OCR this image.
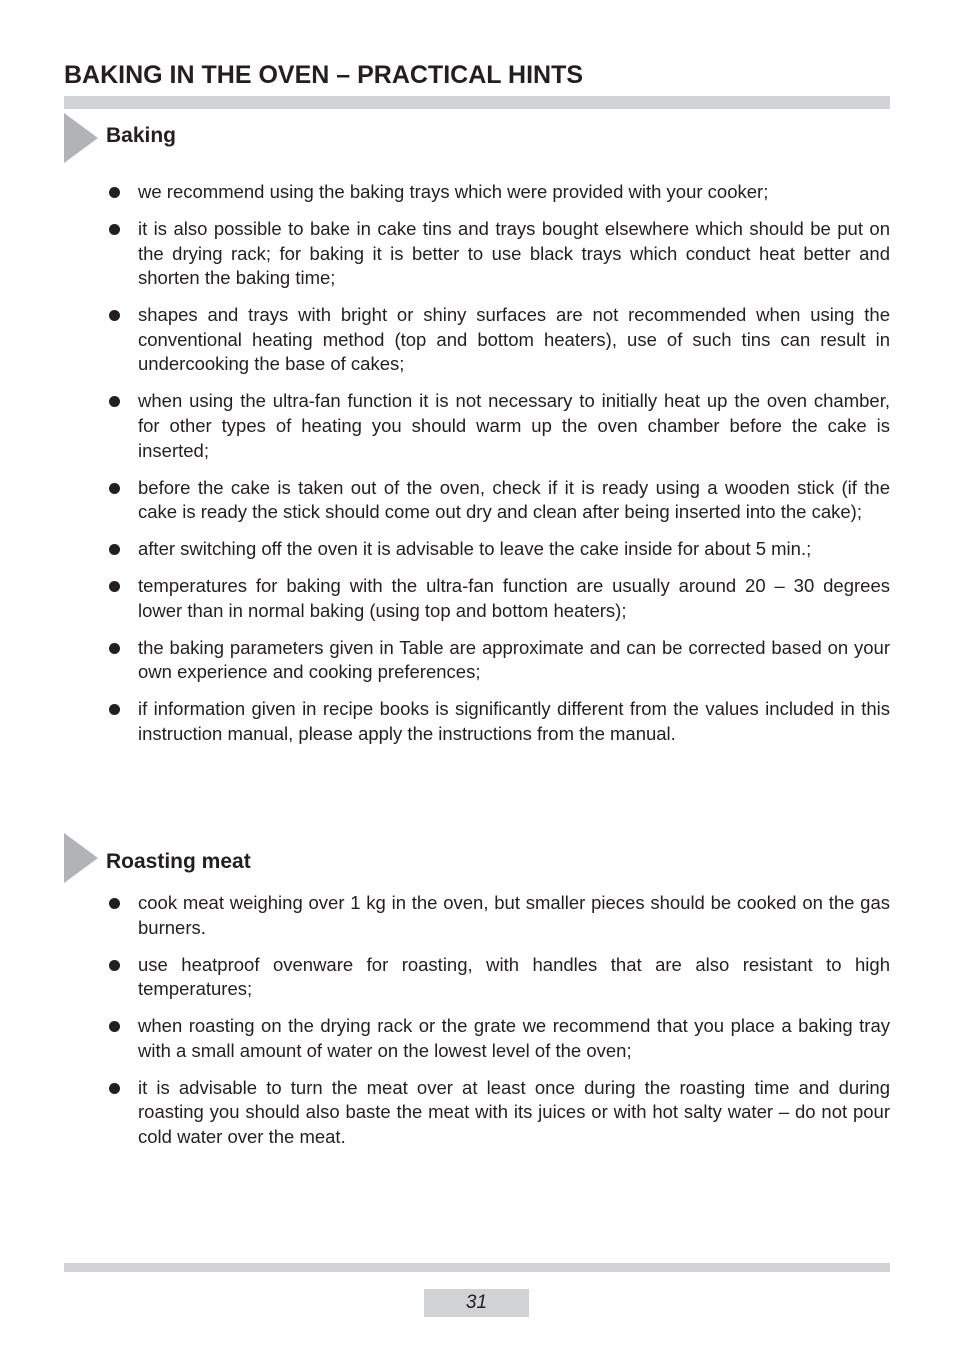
BAKING IN THE OVEN – PRACTICAL HINTS
Baking
we recommend using the baking trays which were provided with your cooker;
it is also possible to bake in cake tins and trays bought elsewhere which should be put on the drying rack; for baking it is better to use black trays which conduct heat better and shorten the baking time;
shapes and trays with bright or shiny surfaces are not recommended when using the conventional heating method (top and bottom heaters), use of such tins can result in undercooking the base of cakes;
when using the ultra-fan function it is not necessary to initially heat up the oven chamber, for other types of heating you should warm up the oven chamber before the cake is inserted;
before the cake is taken out of the oven, check if it is ready using a wooden stick (if the cake is ready the stick should come out dry and clean after being inserted into the cake);
after switching off the oven it is advisable to leave the cake inside for about 5 min.;
temperatures for baking with the ultra-fan function are usually around 20 – 30 degrees lower than in normal baking (using top and bottom heaters);
the baking parameters given in Table are approximate and can be corrected based on your own experience and cooking preferences;
if information given in recipe books is significantly different from the values included in this instruction manual, please apply the instructions from the manual.
Roasting meat
cook meat weighing over 1 kg in the oven, but smaller pieces should be cooked on the gas burners.
use heatproof ovenware for roasting, with handles that are also resistant to high temperatures;
when roasting on the drying rack or the grate we recommend that you place a baking tray with a small amount of water on the lowest level of the oven;
it is advisable to turn the meat over at least once during the roasting time and during roasting you should also baste the meat with its juices or with hot salty water – do not pour cold water over the meat.
31
